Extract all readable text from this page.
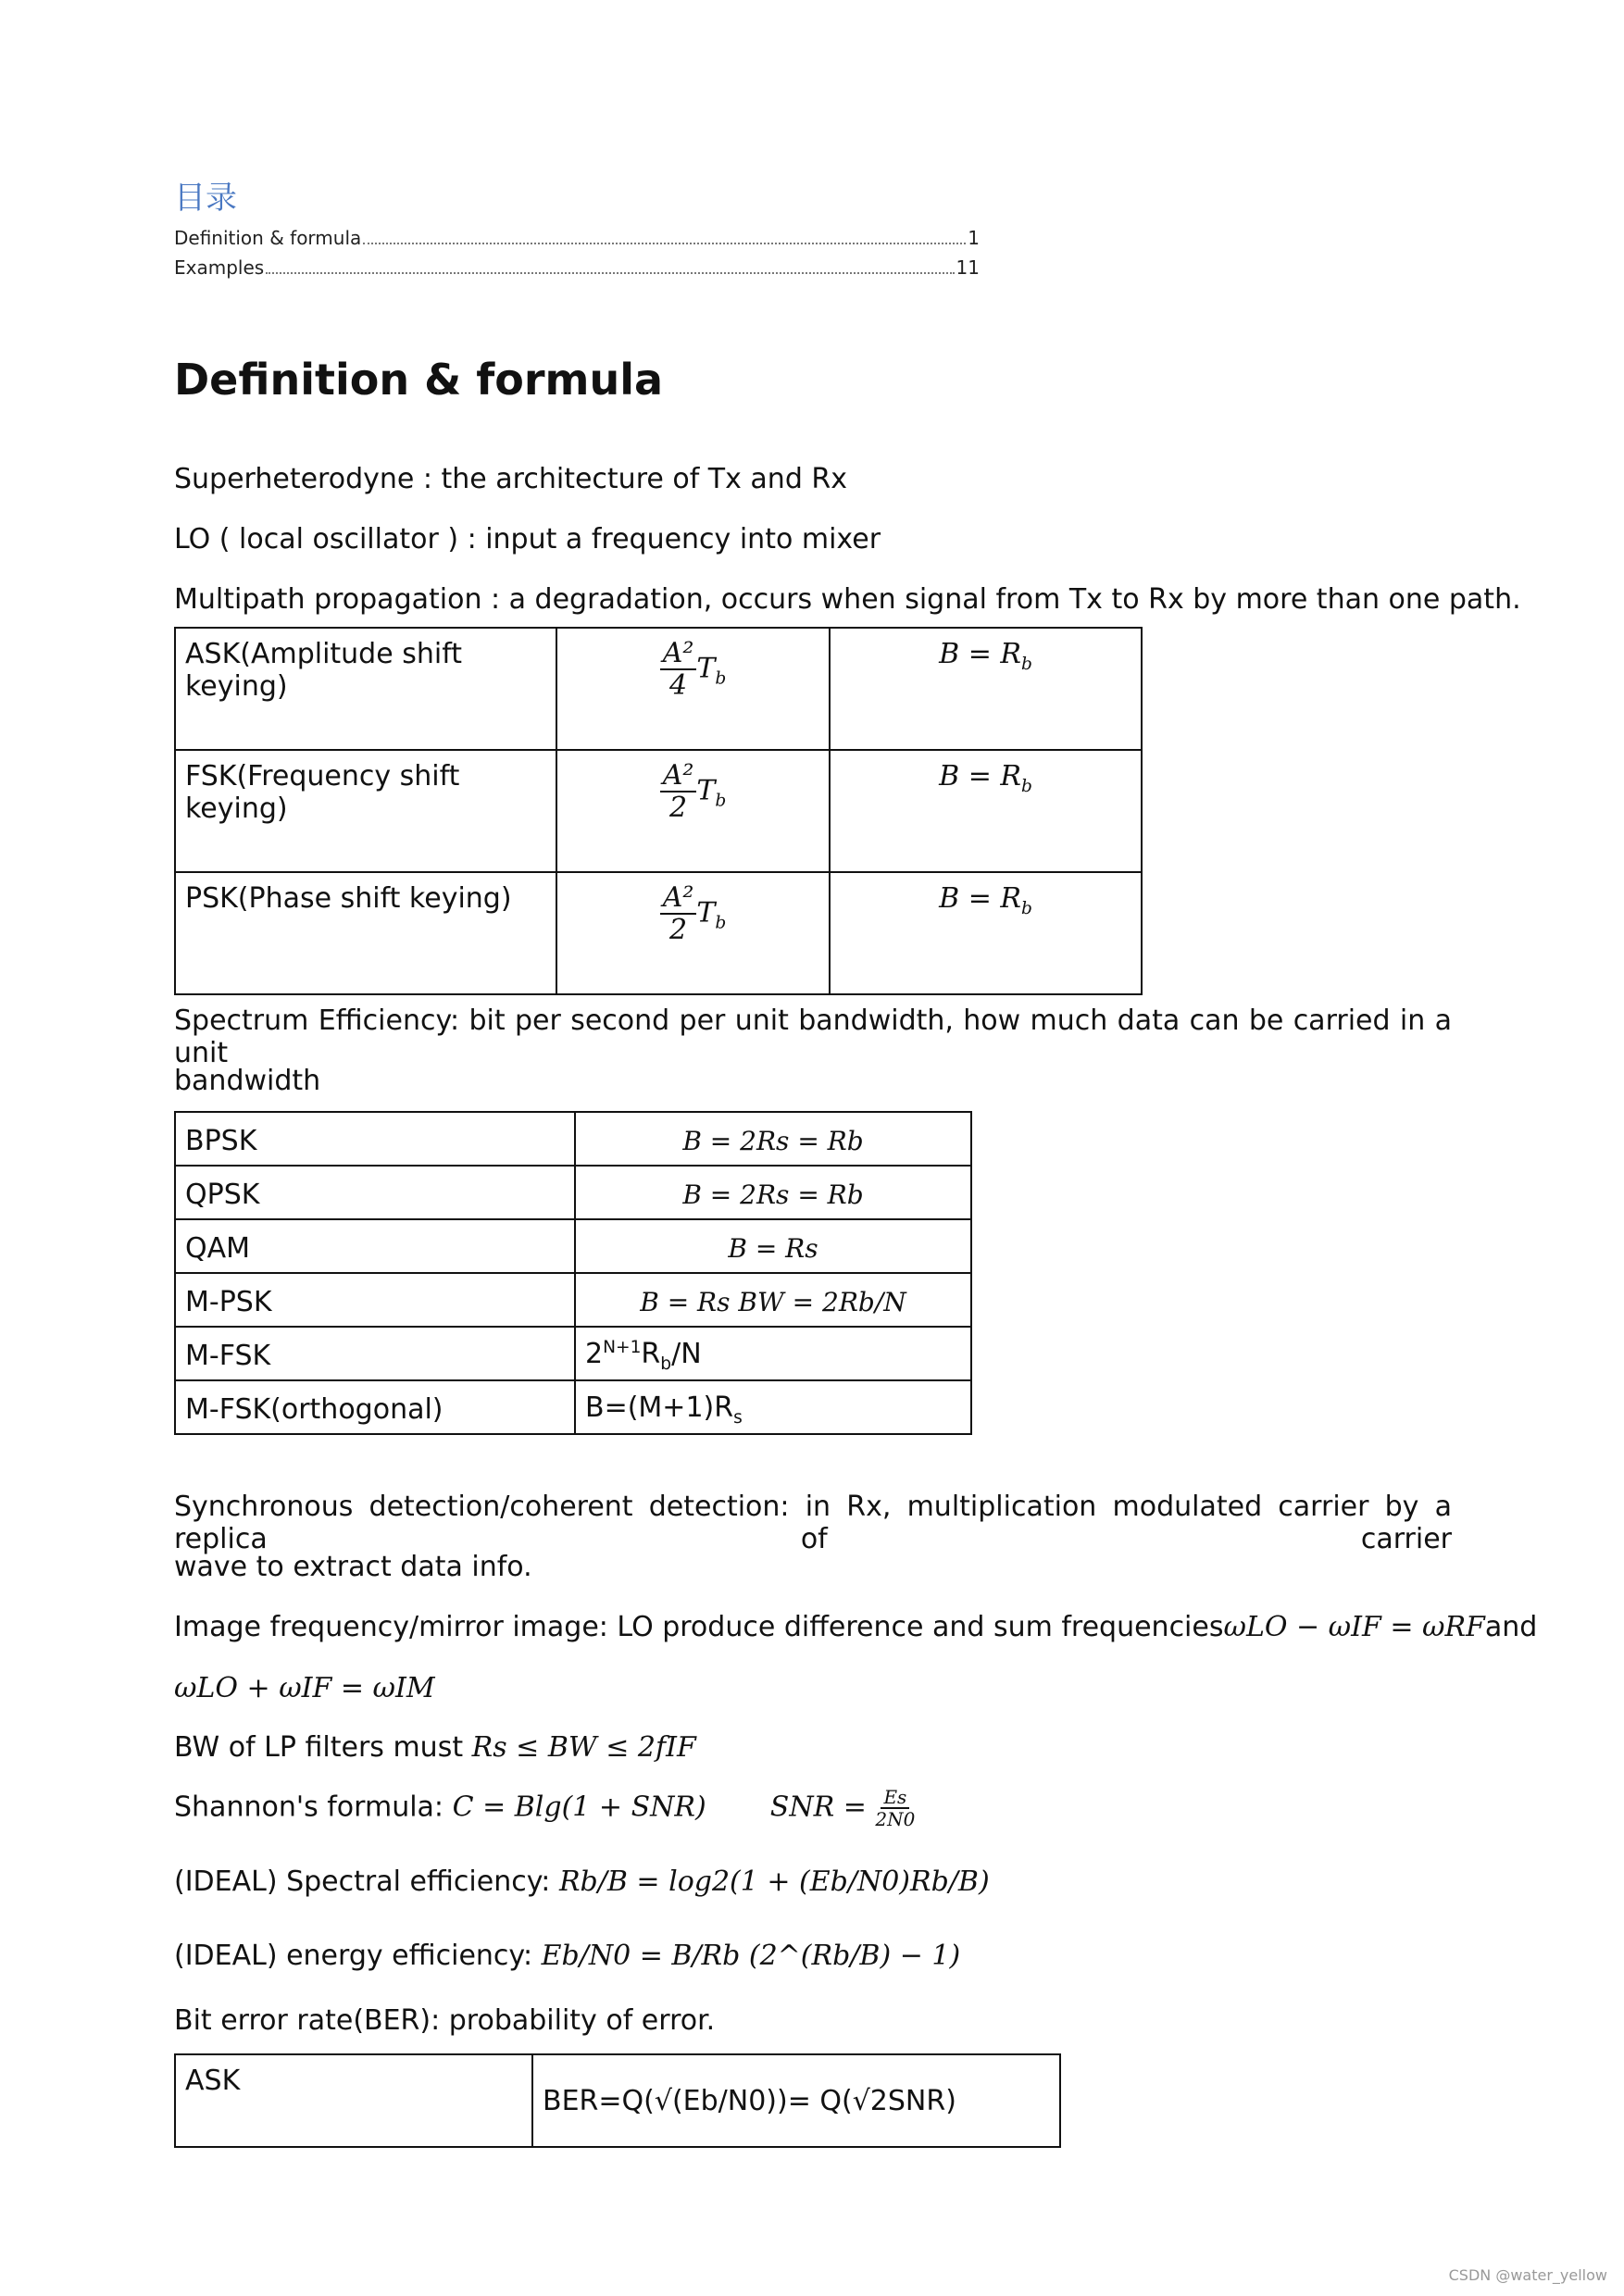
目录
Definition & formula	1
Examples	11
Definition & formula
Superheterodyne : the architecture of Tx and Rx
LO ( local oscillator ) : input a frequency into mixer
Multipath propagation : a degradation, occurs when signal from Tx to Rx by more than one path.
ASK(Amplitude shift keying)	$\frac{\text{A²}}{4} T_b$	$B = R_b$
FSK(Frequency shift keying)	$\frac{\text{A²}}{2} T_b$	$B = R_b$
PSK(Phase shift keying)	$\frac{\text{A²}}{2} T_b$	$B = R_b$
Spectrum Efficiency: bit per second per unit bandwidth, how much data can be carried in a unit
bandwidth
BPSK	B = 2Rs = Rb
QPSK	B = 2Rs = Rb
QAM	B = Rs
M-PSK	B = Rs BW = 2Rb/N
M-FSK	$2^{N+1}R_b/N$
M-FSK(orthogonal)	$B=(M+1)R_s$
Synchronous detection/coherent detection: in Rx, multiplication modulated carrier by a replica of carrier
wave to extract data info.
Image frequency/mirror image: LO produce difference and sum frequencies ωLO − ωIF = ωRF and
ωLO + ωIF = ωIM
BW of LP filters must Rs ≤ BW ≤ 2fIF
Shannon's formula: C = Blg(1 + SNR) SNR = $\frac{Es}{2N0}$
(IDEAL) Spectral efficiency: Rb/B = log2(1 + (Eb/N0)Rb/B)
(IDEAL) energy efficiency: Eb/N0 = B/Rb (2^(Rb/B) − 1)
Bit error rate(BER): probability of error.
ASK	BER=Q(√(Eb/N0))= Q(√2SNR)
CSDN @water_yellow
